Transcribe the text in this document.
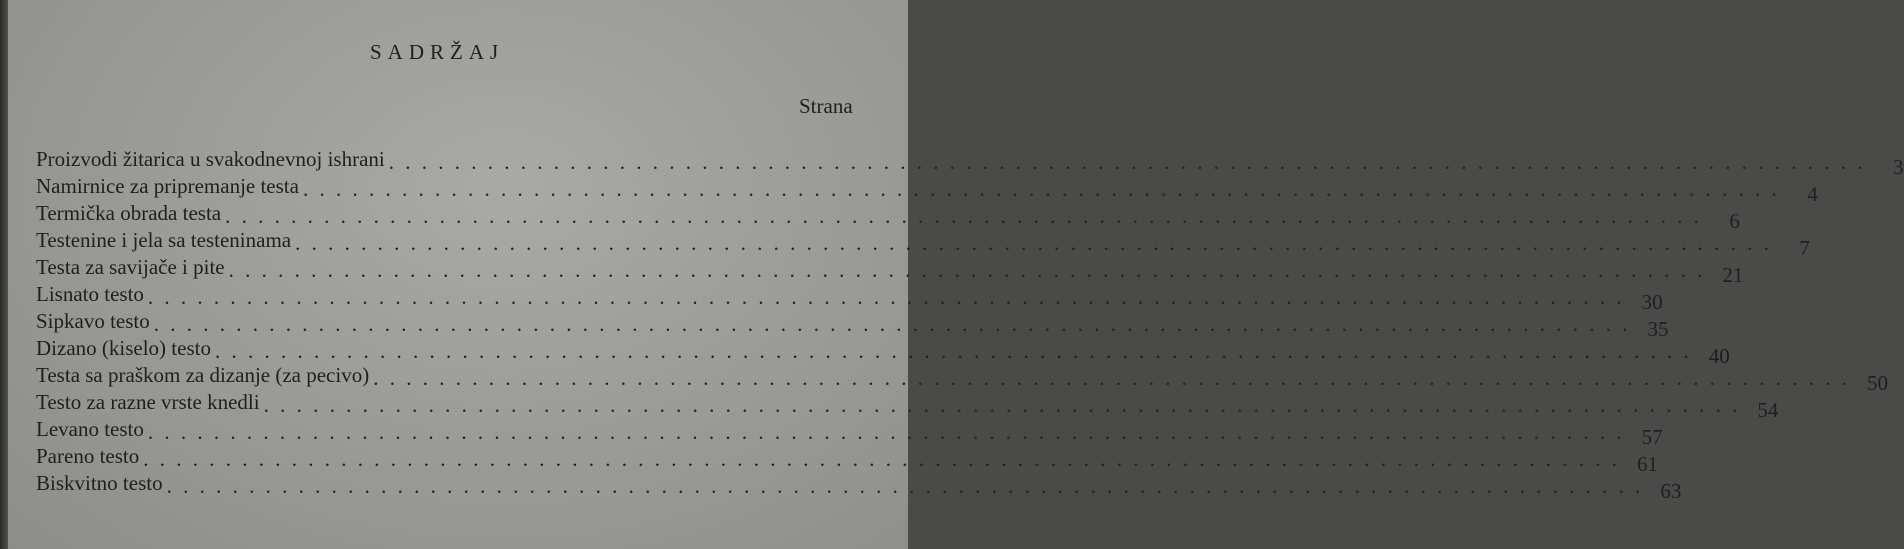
SADRŽAJ
Strana
Proizvodi žitarica u svakodnevnoj ishrani . . . . . . . . . . . . . . . . . . . . . . . . . . . . . . . . . . . . . . . . . . . . . . . . . . . . . . . . . . . . . . . . . . . . . . . . . . . . . . . . . . . . . . . . . .	3
Namirnice za pripremanje testa . . . . . . . . . . . . . . . . . . . . . . . . . . . . . . . . . . . . . . . . . . . . . . . . . . . . . . . . . . . . . . . . . . . . . . . . . . . . . . . . . . . . . . . . . .	4
Termička obrada testa . . . . . . . . . . . . . . . . . . . . . . . . . . . . . . . . . . . . . . . . . . . . . . . . . . . . . . . . . . . . . . . . . . . . . . . . . . . . . . . . . . . . . . . . . .	6
Testenine i jela sa testeninama . . . . . . . . . . . . . . . . . . . . . . . . . . . . . . . . . . . . . . . . . . . . . . . . . . . . . . . . . . . . . . . . . . . . . . . . . . . . . . . . . . . . . . . . . .	7
Testa za savijače i pite . . . . . . . . . . . . . . . . . . . . . . . . . . . . . . . . . . . . . . . . . . . . . . . . . . . . . . . . . . . . . . . . . . . . . . . . . . . . . . . . . . . . . . . . . . 21
Lisnato testo . . . . . . . . . . . . . . . . . . . . . . . . . . . . . . . . . . . . . . . . . . . . . . . . . . . . . . . . . . . . . . . . . . . . . . . . . . . . . . . . . . . . . . . . . . 30
Sipkavo testo . . . . . . . . . . . . . . . . . . . . . . . . . . . . . . . . . . . . . . . . . . . . . . . . . . . . . . . . . . . . . . . . . . . . . . . . . . . . . . . . . . . . . . . . . . 35
Dizano (kiselo) testo . . . . . . . . . . . . . . . . . . . . . . . . . . . . . . . . . . . . . . . . . . . . . . . . . . . . . . . . . . . . . . . . . . . . . . . . . . . . . . . . . . . . . . . . . . 40
Testa sa praškom za dizanje (za pecivo) . . . . . . . . . . . . . . . . . . . . . . . . . . . . . . . . . . . . . . . . . . . . . . . . . . . . . . . . . . . . . . . . . . . . . . . . . . . . . . . . . . . . . . . . . . 50
Testo za razne vrste knedli . . . . . . . . . . . . . . . . . . . . . . . . . . . . . . . . . . . . . . . . . . . . . . . . . . . . . . . . . . . . . . . . . . . . . . . . . . . . . . . . . . . . . . . . . . 54
Levano testo . . . . . . . . . . . . . . . . . . . . . . . . . . . . . . . . . . . . . . . . . . . . . . . . . . . . . . . . . . . . . . . . . . . . . . . . . . . . . . . . . . . . . . . . . . 57
Pareno testo . . . . . . . . . . . . . . . . . . . . . . . . . . . . . . . . . . . . . . . . . . . . . . . . . . . . . . . . . . . . . . . . . . . . . . . . . . . . . . . . . . . . . . . . . . 61
Biskvitno testo . . . . . . . . . . . . . . . . . . . . . . . . . . . . . . . . . . . . . . . . . . . . . . . . . . . . . . . . . . . . . . . . . . . . . . . . . . . . . . . . . . . . . . . . . . 63
